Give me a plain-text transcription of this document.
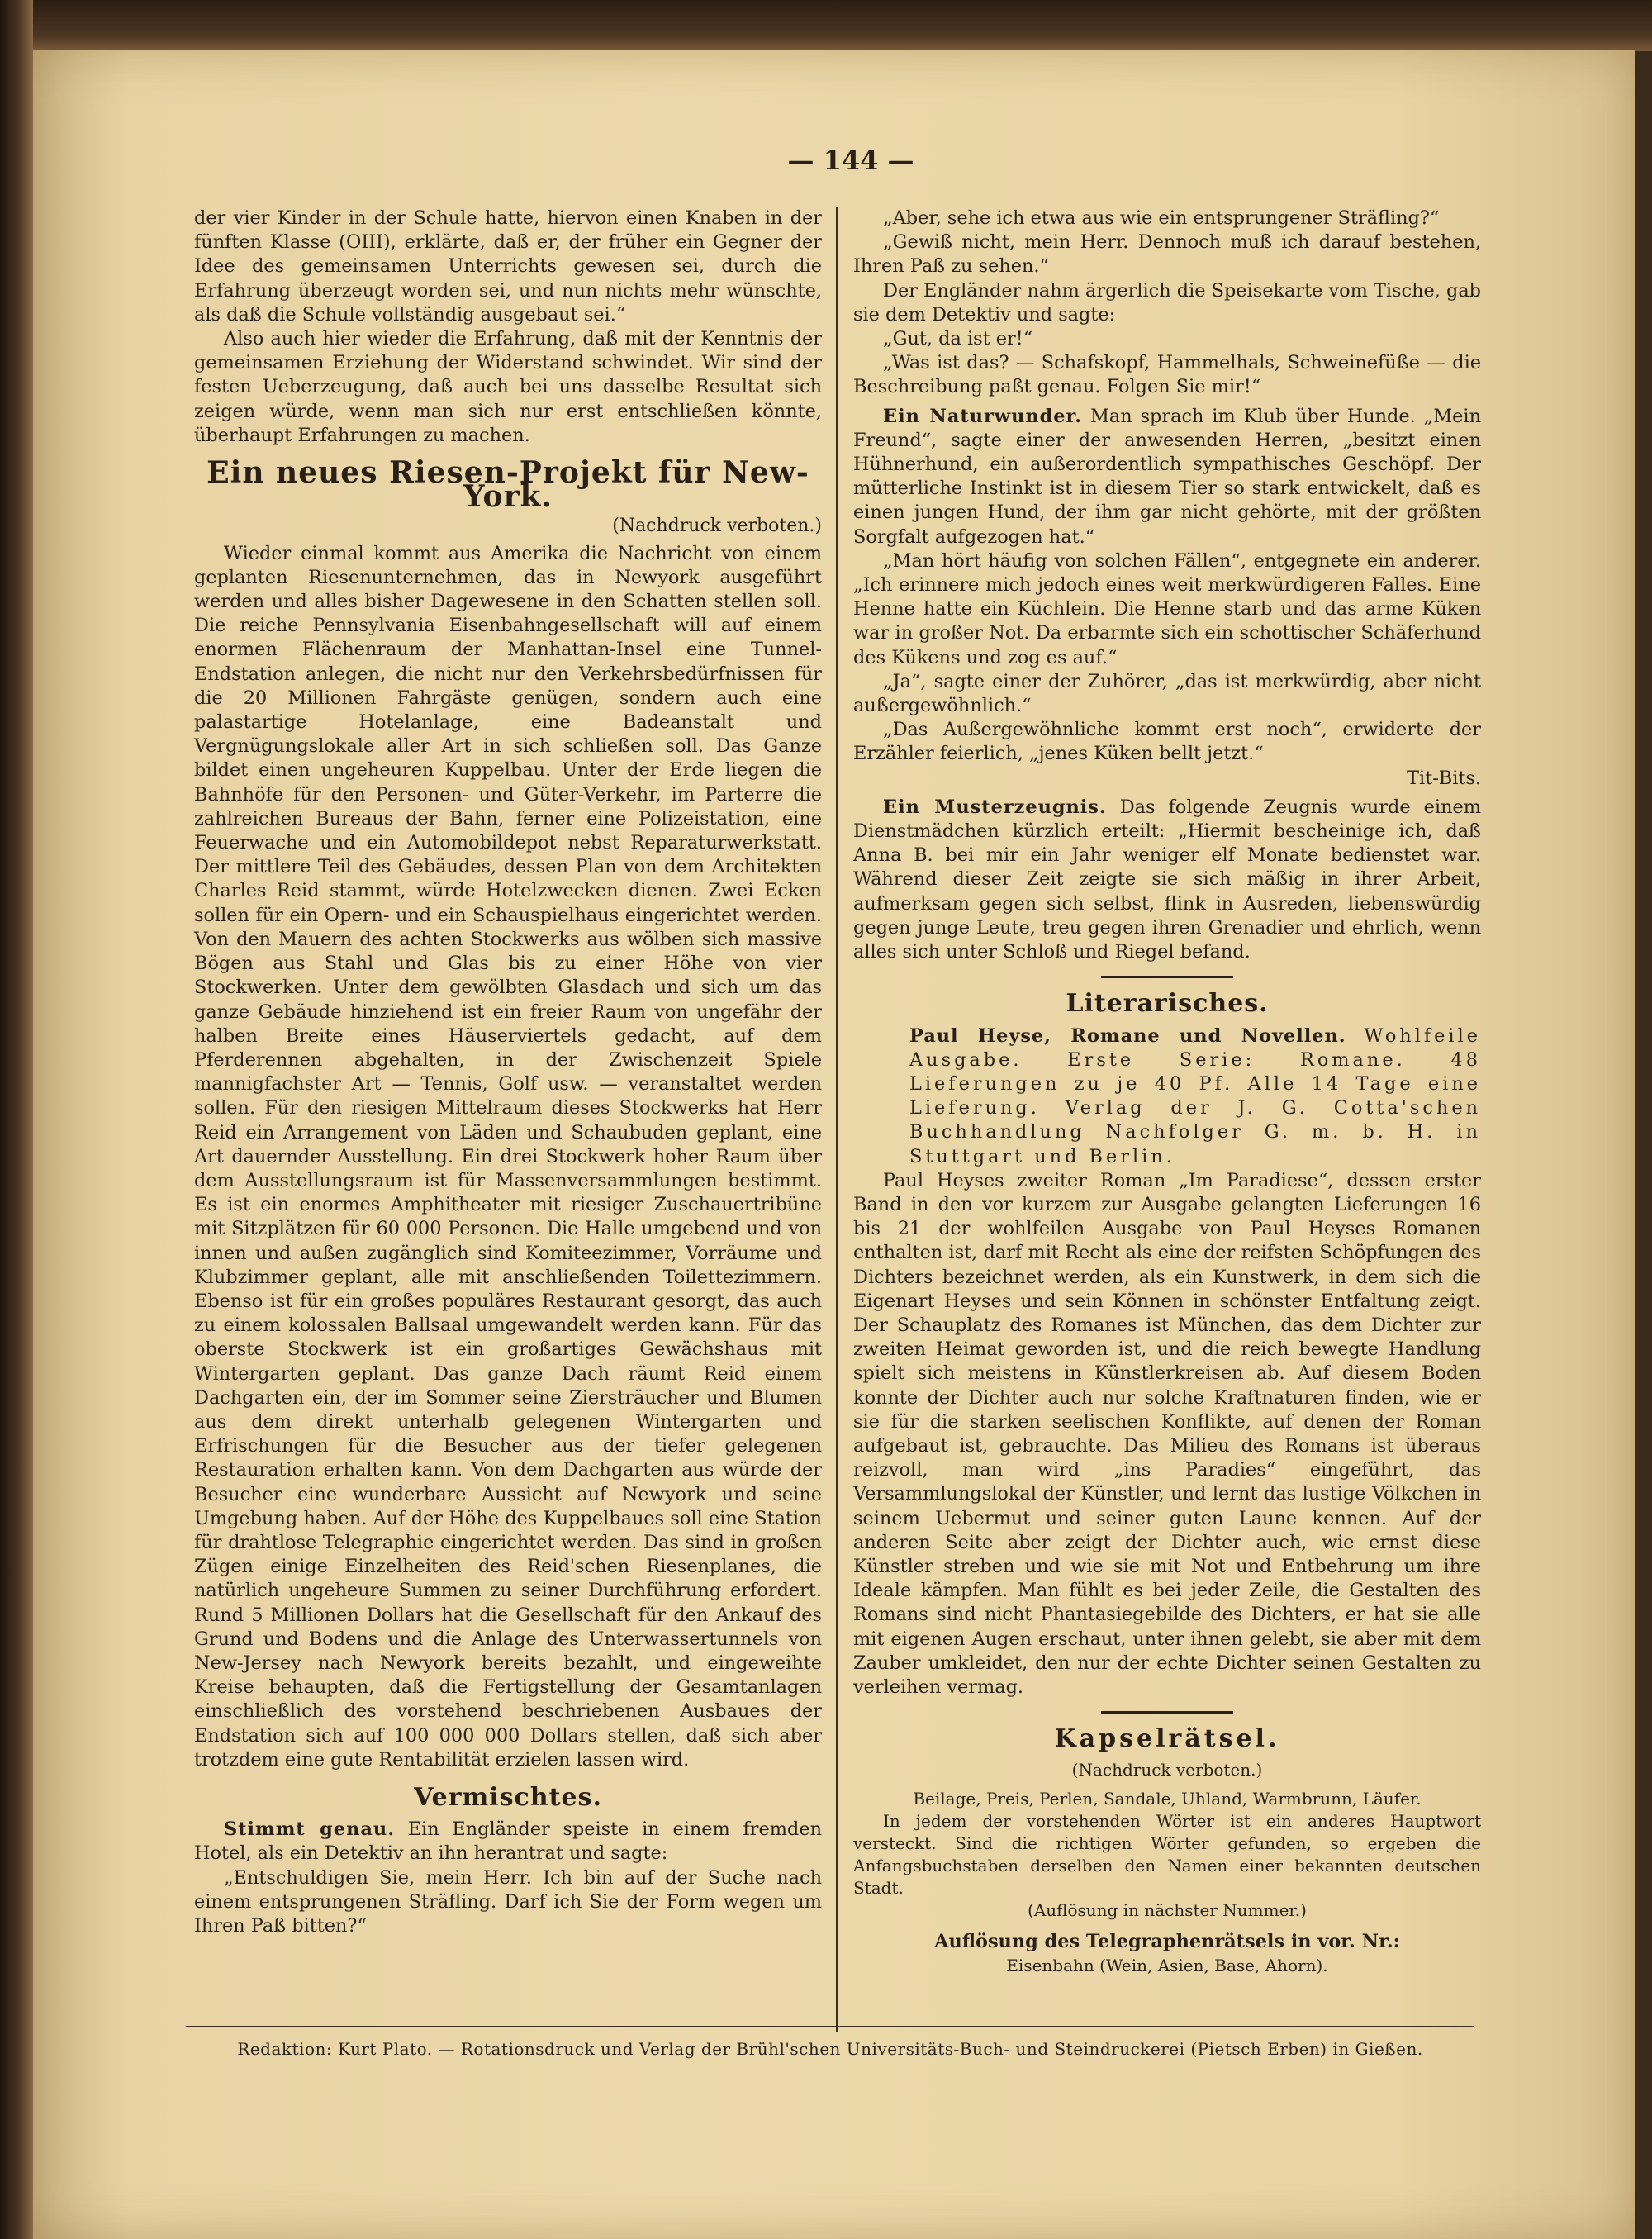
— 144 —

der vier Kinder in der Schule hatte, hiervon einen Knaben in der fünften Klasse (OIII), erklärte, daß er, der früher ein Gegner der Idee des gemeinsamen Unterrichts gewesen sei, durch die Erfahrung überzeugt worden sei, und nun nichts mehr wünschte, als daß die Schule vollständig ausgebaut sei.“

Also auch hier wieder die Erfahrung, daß mit der Kenntnis der gemeinsamen Erziehung der Widerstand schwindet. Wir sind der festen Ueberzeugung, daß auch bei uns dasselbe Resultat sich zeigen würde, wenn man sich nur erst entschließen könnte, überhaupt Erfahrungen zu machen.

Ein neues Riesen-Projekt für New-York.
(Nachdruck verboten.)

Wieder einmal kommt aus Amerika die Nachricht von einem geplanten Riesenunternehmen, das in Newyork ausgeführt werden und alles bisher Dagewesene in den Schatten stellen soll. Die reiche Pennsylvania Eisenbahngesellschaft will auf einem enormen Flächenraum der Manhattan-Insel eine Tunnel-Endstation anlegen, die nicht nur den Verkehrsbedürfnissen für die 20 Millionen Fahrgäste genügen, sondern auch eine palastartige Hotelanlage, eine Badeanstalt und Vergnügungslokale aller Art in sich schließen soll. Das Ganze bildet einen ungeheuren Kuppelbau. Unter der Erde liegen die Bahnhöfe für den Personen- und Güter-Verkehr, im Parterre die zahlreichen Bureaus der Bahn, ferner eine Polizeistation, eine Feuerwache und ein Automobildepot nebst Reparaturwerkstatt. Der mittlere Teil des Gebäudes, dessen Plan von dem Architekten Charles Reid stammt, würde Hotelzwecken dienen. Zwei Ecken sollen für ein Opern- und ein Schauspielhaus eingerichtet werden. Von den Mauern des achten Stockwerks aus wölben sich massive Bögen aus Stahl und Glas bis zu einer Höhe von vier Stockwerken. Unter dem gewölbten Glasdach und sich um das ganze Gebäude hinziehend ist ein freier Raum von ungefähr der halben Breite eines Häuserviertels gedacht, auf dem Pferderennen abgehalten, in der Zwischenzeit Spiele mannigfachster Art — Tennis, Golf usw. — veranstaltet werden sollen. Für den riesigen Mittelraum dieses Stockwerks hat Herr Reid ein Arrangement von Läden und Schaubuden geplant, eine Art dauernder Ausstellung. Ein drei Stockwerk hoher Raum über dem Ausstellungsraum ist für Massenversammlungen bestimmt. Es ist ein enormes Amphitheater mit riesiger Zuschauertribüne mit Sitzplätzen für 60 000 Personen. Die Halle umgebend und von innen und außen zugänglich sind Komiteezimmer, Vorräume und Klubzimmer geplant, alle mit anschließenden Toilettezimmern. Ebenso ist für ein großes populäres Restaurant gesorgt, das auch zu einem kolossalen Ballsaal umgewandelt werden kann. Für das oberste Stockwerk ist ein großartiges Gewächshaus mit Wintergarten geplant. Das ganze Dach räumt Reid einem Dachgarten ein, der im Sommer seine Ziersträucher und Blumen aus dem direkt unterhalb gelegenen Wintergarten und Erfrischungen für die Besucher aus der tiefer gelegenen Restauration erhalten kann. Von dem Dachgarten aus würde der Besucher eine wunderbare Aussicht auf Newyork und seine Umgebung haben. Auf der Höhe des Kuppelbaues soll eine Station für drahtlose Telegraphie eingerichtet werden. Das sind in großen Zügen einige Einzelheiten des Reid'schen Riesenplanes, die natürlich ungeheure Summen zu seiner Durchführung erfordert. Rund 5 Millionen Dollars hat die Gesellschaft für den Ankauf des Grund und Bodens und die Anlage des Unterwassertunnels von New-Jersey nach Newyork bereits bezahlt, und eingeweihte Kreise behaupten, daß die Fertigstellung der Gesamtanlagen einschließlich des vorstehend beschriebenen Ausbaues der Endstation sich auf 100 000 000 Dollars stellen, daß sich aber trotzdem eine gute Rentabilität erzielen lassen wird.

Vermischtes.

Stimmt genau. Ein Engländer speiste in einem fremden Hotel, als ein Detektiv an ihn herantrat und sagte:

„Entschuldigen Sie, mein Herr. Ich bin auf der Suche nach einem entsprungenen Sträfling. Darf ich Sie der Form wegen um Ihren Paß bitten?“

„Aber, sehe ich etwa aus wie ein entsprungener Sträfling?“

„Gewiß nicht, mein Herr. Dennoch muß ich darauf bestehen, Ihren Paß zu sehen.“

Der Engländer nahm ärgerlich die Speisekarte vom Tische, gab sie dem Detektiv und sagte:

„Gut, da ist er!“

„Was ist das? — Schafskopf, Hammelhals, Schweinefüße — die Beschreibung paßt genau. Folgen Sie mir!“

Ein Naturwunder. Man sprach im Klub über Hunde. „Mein Freund“, sagte einer der anwesenden Herren, „besitzt einen Hühnerhund, ein außerordentlich sympathisches Geschöpf. Der mütterliche Instinkt ist in diesem Tier so stark entwickelt, daß es einen jungen Hund, der ihm gar nicht gehörte, mit der größten Sorgfalt aufgezogen hat.“

„Man hört häufig von solchen Fällen“, entgegnete ein anderer. „Ich erinnere mich jedoch eines weit merkwürdigeren Falles. Eine Henne hatte ein Küchlein. Die Henne starb und das arme Küken war in großer Not. Da erbarmte sich ein schottischer Schäferhund des Kükens und zog es auf.“

„Ja“, sagte einer der Zuhörer, „das ist merkwürdig, aber nicht außergewöhnlich.“

„Das Außergewöhnliche kommt erst noch“, erwiderte der Erzähler feierlich, „jenes Küken bellt jetzt.“

Tit-Bits.

Ein Musterzeugnis. Das folgende Zeugnis wurde einem Dienstmädchen kürzlich erteilt: „Hiermit bescheinige ich, daß Anna B. bei mir ein Jahr weniger elf Monate bedienstet war. Während dieser Zeit zeigte sie sich mäßig in ihrer Arbeit, aufmerksam gegen sich selbst, flink in Ausreden, liebenswürdig gegen junge Leute, treu gegen ihren Grenadier und ehrlich, wenn alles sich unter Schloß und Riegel befand.

Literarisches.

Paul Heyse, Romane und Novellen. Wohlfeile Ausgabe. Erste Serie: Romane. 48 Lieferungen zu je 40 Pf. Alle 14 Tage eine Lieferung. Verlag der J. G. Cotta'schen Buchhandlung Nachfolger G. m. b. H. in Stuttgart und Berlin.

Paul Heyses zweiter Roman „Im Paradiese“, dessen erster Band in den vor kurzem zur Ausgabe gelangten Lieferungen 16 bis 21 der wohlfeilen Ausgabe von Paul Heyses Romanen enthalten ist, darf mit Recht als eine der reifsten Schöpfungen des Dichters bezeichnet werden, als ein Kunstwerk, in dem sich die Eigenart Heyses und sein Können in schönster Entfaltung zeigt. Der Schauplatz des Romanes ist München, das dem Dichter zur zweiten Heimat geworden ist, und die reich bewegte Handlung spielt sich meistens in Künstlerkreisen ab. Auf diesem Boden konnte der Dichter auch nur solche Kraftnaturen finden, wie er sie für die starken seelischen Konflikte, auf denen der Roman aufgebaut ist, gebrauchte. Das Milieu des Romans ist überaus reizvoll, man wird „ins Paradies“ eingeführt, das Versammlungslokal der Künstler, und lernt das lustige Völkchen in seinem Uebermut und seiner guten Laune kennen. Auf der anderen Seite aber zeigt der Dichter auch, wie ernst diese Künstler streben und wie sie mit Not und Entbehrung um ihre Ideale kämpfen. Man fühlt es bei jeder Zeile, die Gestalten des Romans sind nicht Phantasiegebilde des Dichters, er hat sie alle mit eigenen Augen erschaut, unter ihnen gelebt, sie aber mit dem Zauber umkleidet, den nur der echte Dichter seinen Gestalten zu verleihen vermag.

Kapselrätsel.
(Nachdruck verboten.)

Beilage, Preis, Perlen, Sandale, Uhland, Warmbrunn, Läufer.

In jedem der vorstehenden Wörter ist ein anderes Hauptwort versteckt. Sind die richtigen Wörter gefunden, so ergeben die Anfangsbuchstaben derselben den Namen einer bekannten deutschen Stadt.

(Auflösung in nächster Nummer.)

Auflösung des Telegraphenrätsels in vor. Nr.:

Eisenbahn (Wein, Asien, Base, Ahorn).

Redaktion: Kurt Plato. — Rotationsdruck und Verlag der Brühl'schen Universitäts-Buch- und Steindruckerei (Pietsch Erben) in Gießen.
